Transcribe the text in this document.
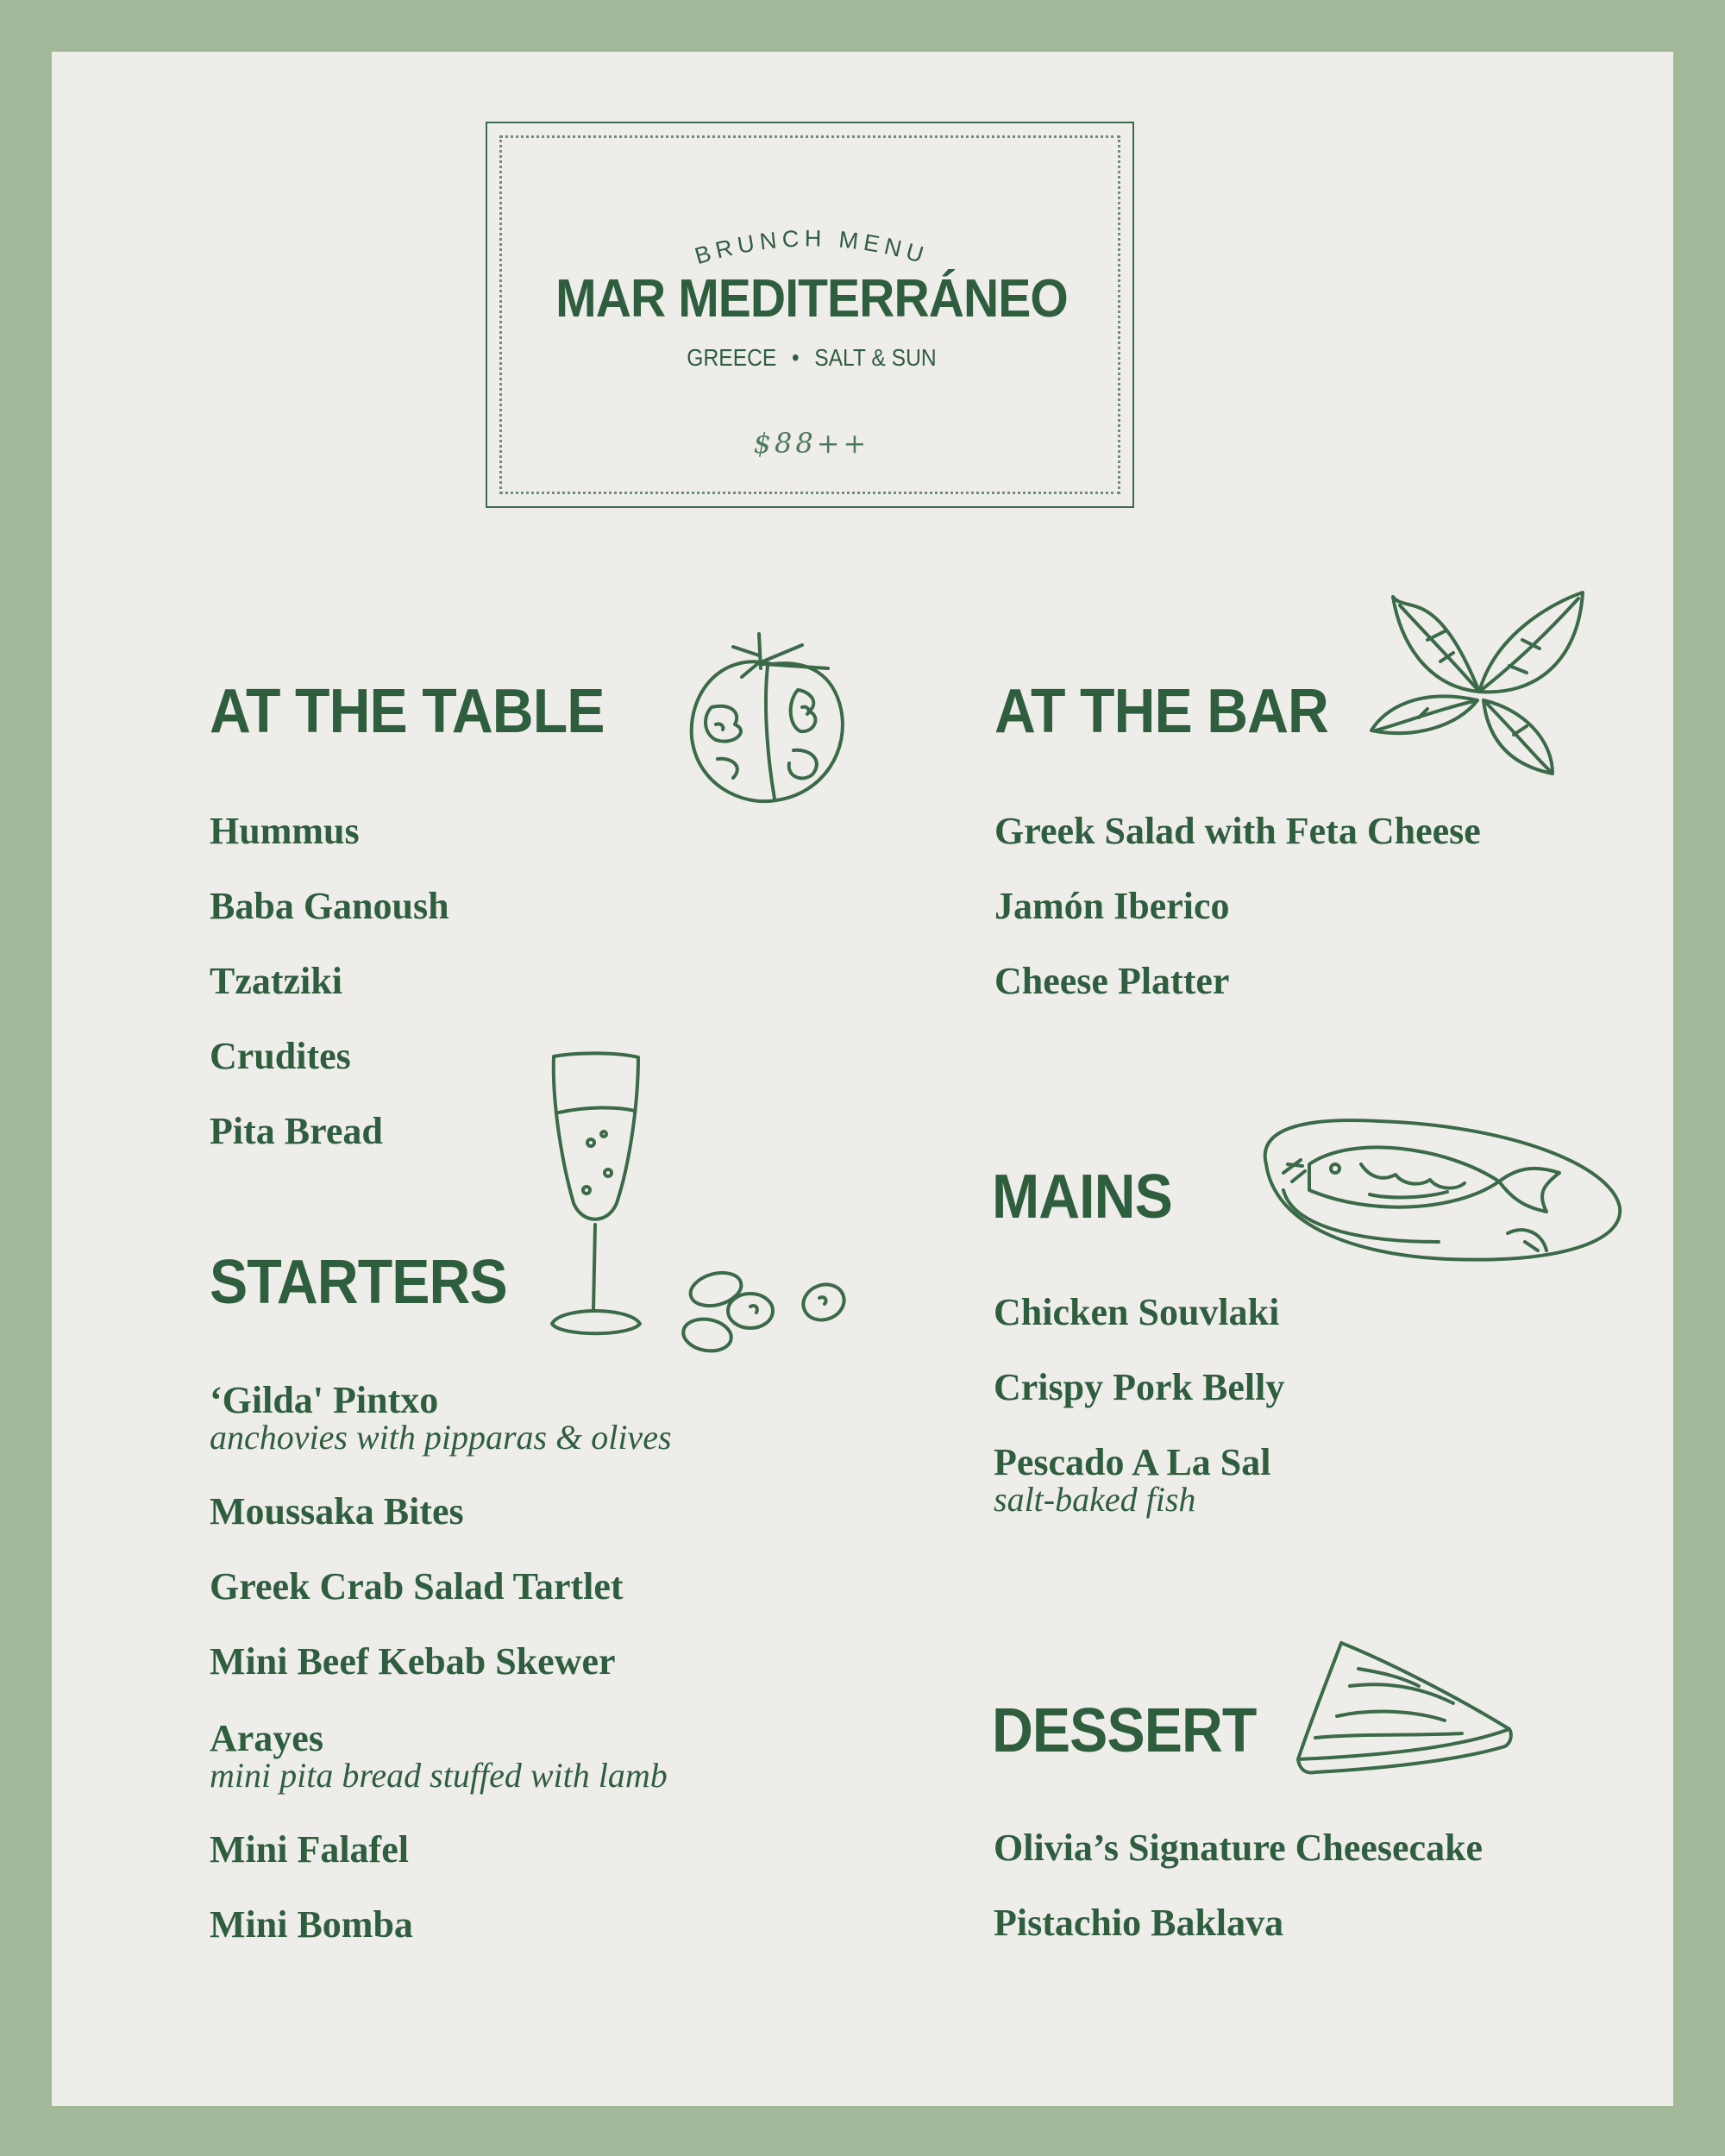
BRUNCH MENU
MAR MEDITERRÁNEO
GREECE • SALT & SUN
$88++
AT THE TABLE
Hummus
Baba Ganoush
Tzatziki
Crudites
Pita Bread
STARTERS
‘Gilda' Pintxo
anchovies with pipparas & olives
Moussaka Bites
Greek Crab Salad Tartlet
Mini Beef Kebab Skewer
Arayes
mini pita bread stuffed with lamb
Mini Falafel
Mini Bomba
AT THE BAR
Greek Salad with Feta Cheese
Jamón Iberico
Cheese Platter
MAINS
Chicken Souvlaki
Crispy Pork Belly
Pescado A La Sal
salt-baked fish
DESSERT
Olivia’s Signature Cheesecake
Pistachio Baklava
